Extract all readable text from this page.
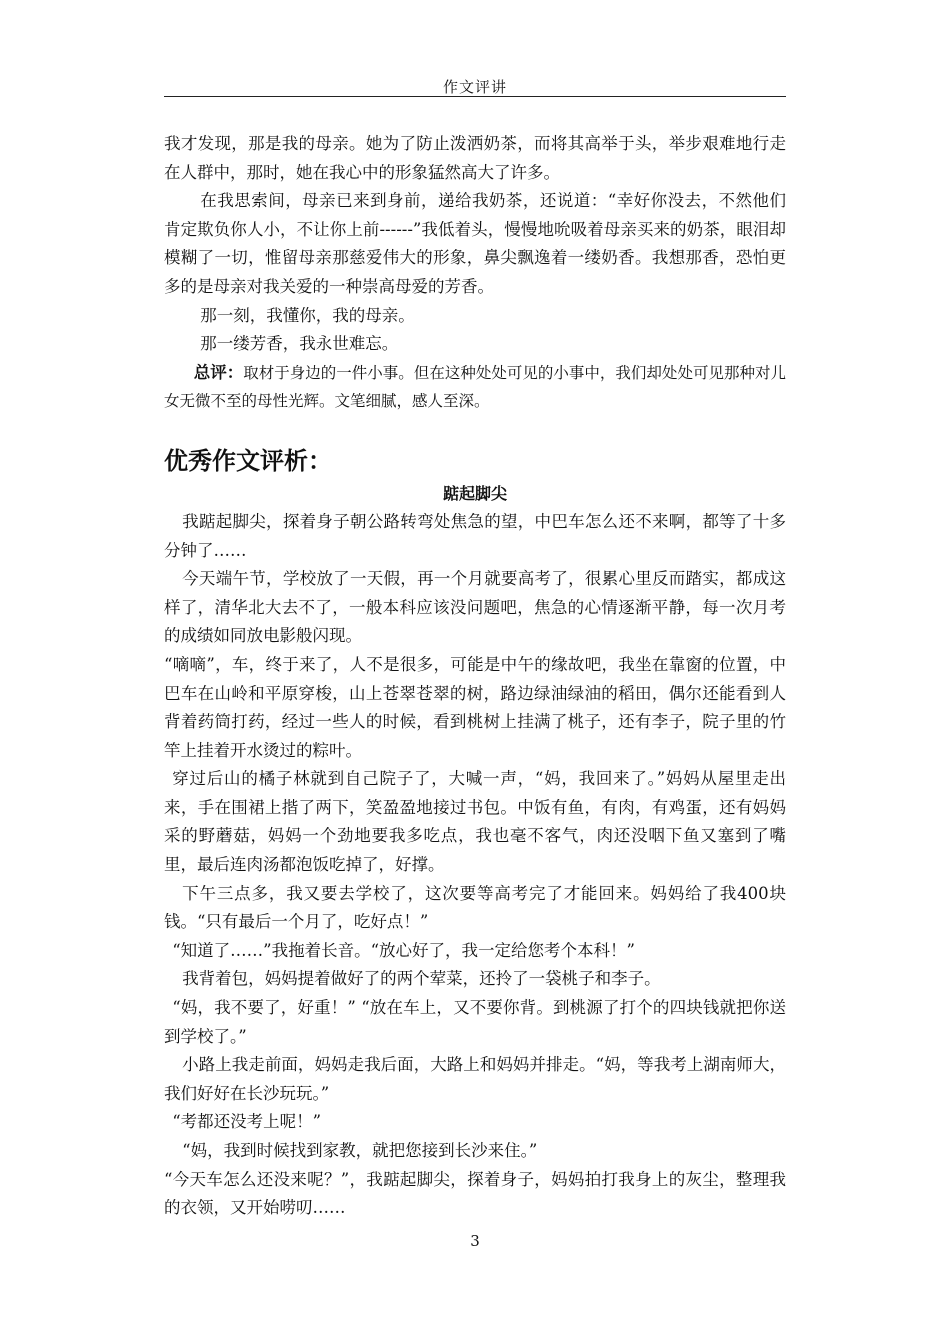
作文评讲

我才发现，那是我的母亲。她为了防止泼洒奶茶，而将其高举于头，举步艰难地行走在人群中，那时，她在我心中的形象猛然高大了许多。

在我思索间，母亲已来到身前，递给我奶茶，还说道：“幸好你没去，不然他们肯定欺负你人小，不让你上前------”我低着头，慢慢地吮吸着母亲买来的奶茶，眼泪却模糊了一切，惟留母亲那慈爱伟大的形象，鼻尖飘逸着一缕奶香。我想那香，恐怕更多的是母亲对我关爱的一种崇高母爱的芳香。

那一刻，我懂你，我的母亲。

那一缕芳香，我永世难忘。

总评：取材于身边的一件小事。但在这种处处可见的小事中，我们却处处可见那种对儿女无微不至的母性光辉。文笔细腻，感人至深。

优秀作文评析：
踮起脚尖

我踮起脚尖，探着身子朝公路转弯处焦急的望，中巴车怎么还不来啊，都等了十多分钟了……

今天端午节，学校放了一天假，再一个月就要高考了，很累心里反而踏实，都成这样了，清华北大去不了，一般本科应该没问题吧，焦急的心情逐渐平静，每一次月考的成绩如同放电影般闪现。

“嘀嘀”，车，终于来了，人不是很多，可能是中午的缘故吧，我坐在靠窗的位置，中巴车在山岭和平原穿梭，山上苍翠苍翠的树，路边绿油绿油的稻田，偶尔还能看到人背着药筒打药，经过一些人的时候，看到桃树上挂满了桃子，还有李子，院子里的竹竿上挂着开水烫过的粽叶。

穿过后山的橘子林就到自己院子了，大喊一声，“妈，我回来了。”妈妈从屋里走出来，手在围裙上揩了两下，笑盈盈地接过书包。中饭有鱼，有肉，有鸡蛋，还有妈妈采的野蘑菇，妈妈一个劲地要我多吃点，我也毫不客气，肉还没咽下鱼又塞到了嘴里，最后连肉汤都泡饭吃掉了，好撑。

下午三点多，我又要去学校了，这次要等高考完了才能回来。妈妈给了我400块钱。“只有最后一个月了，吃好点！”

“知道了……”我拖着长音。“放心好了，我一定给您考个本科！”

我背着包，妈妈提着做好了的两个荤菜，还拎了一袋桃子和李子。

“妈，我不要了，好重！” “放在车上，又不要你背。到桃源了打个的四块钱就把你送到学校了。”

小路上我走前面，妈妈走我后面，大路上和妈妈并排走。“妈，等我考上湖南师大，我们好好在长沙玩玩。”

“考都还没考上呢！”

“妈，我到时候找到家教，就把您接到长沙来住。”

“今天车怎么还没来呢？”，我踮起脚尖，探着身子，妈妈拍打我身上的灰尘，整理我的衣领，又开始唠叨……

3
